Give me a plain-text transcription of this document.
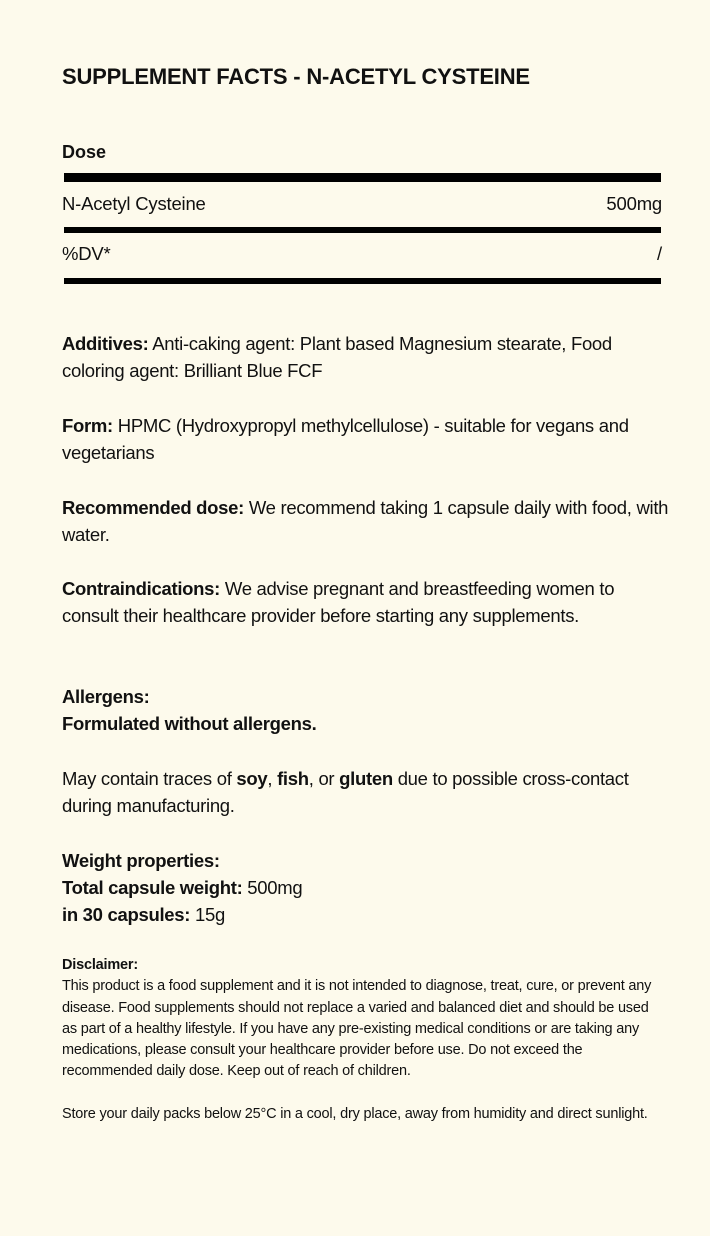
SUPPLEMENT FACTS - N-ACETYL CYSTEINE
Dose
N-Acetyl Cysteine	500mg
%DV*	/
Additives: Anti-caking agent: Plant based Magnesium stearate, Food coloring agent: Brilliant Blue FCF
Form: HPMC (Hydroxypropyl methylcellulose) - suitable for vegans and vegetarians
Recommended dose: We recommend taking 1 capsule daily with food, with water.
Contraindications: We advise pregnant and breastfeeding women to consult their healthcare provider before starting any supplements.
Allergens:
Formulated without allergens.
May contain traces of soy, fish, or gluten due to possible cross-contact during manufacturing.
Weight properties:
Total capsule weight: 500mg
in 30 capsules: 15g
Disclaimer:
This product is a food supplement and it is not intended to diagnose, treat, cure, or prevent any disease. Food supplements should not replace a varied and balanced diet and should be used as part of a healthy lifestyle. If you have any pre-existing medical conditions or are taking any medications, please consult your healthcare provider before use. Do not exceed the recommended daily dose. Keep out of reach of children.
Store your daily packs below 25°C in a cool, dry place, away from humidity and direct sunlight.
